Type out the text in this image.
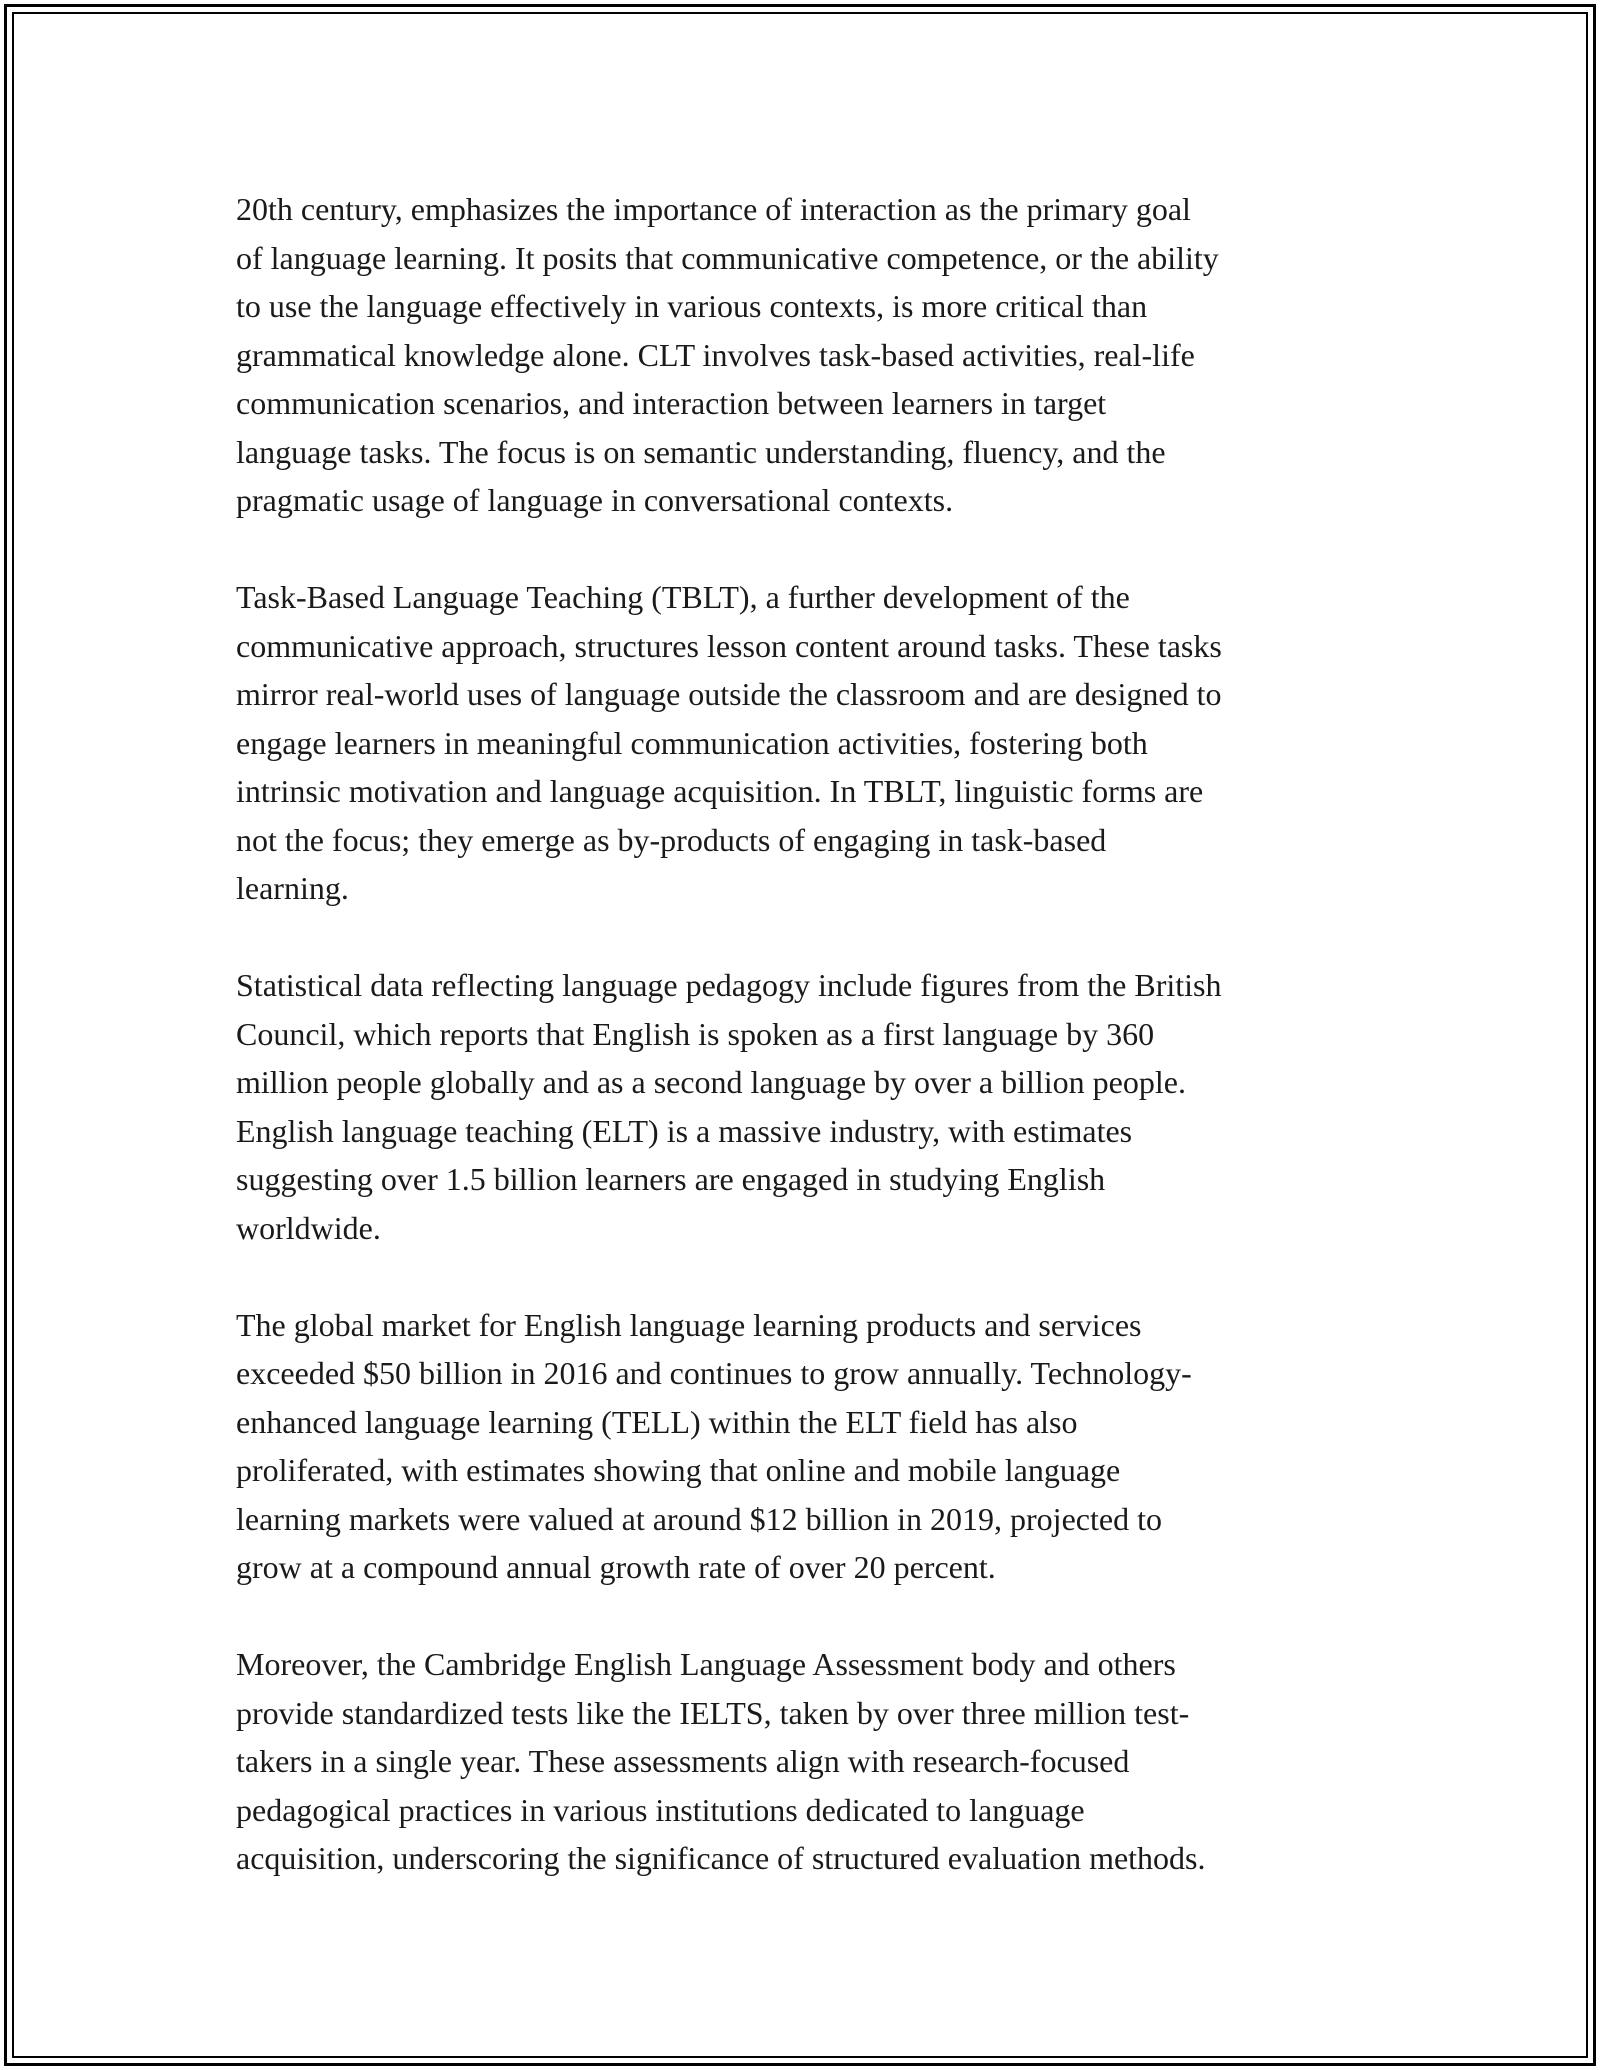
20th century, emphasizes the importance of interaction as the primary goal
of language learning. It posits that communicative competence, or the ability
to use the language effectively in various contexts, is more critical than
grammatical knowledge alone. CLT involves task-based activities, real-life
communication scenarios, and interaction between learners in target
language tasks. The focus is on semantic understanding, fluency, and the
pragmatic usage of language in conversational contexts.

Task-Based Language Teaching (TBLT), a further development of the
communicative approach, structures lesson content around tasks. These tasks
mirror real-world uses of language outside the classroom and are designed to
engage learners in meaningful communication activities, fostering both
intrinsic motivation and language acquisition. In TBLT, linguistic forms are
not the focus; they emerge as by-products of engaging in task-based
learning.

Statistical data reflecting language pedagogy include figures from the British
Council, which reports that English is spoken as a first language by 360
million people globally and as a second language by over a billion people.
English language teaching (ELT) is a massive industry, with estimates
suggesting over 1.5 billion learners are engaged in studying English
worldwide.

The global market for English language learning products and services
exceeded $50 billion in 2016 and continues to grow annually. Technology-
enhanced language learning (TELL) within the ELT field has also
proliferated, with estimates showing that online and mobile language
learning markets were valued at around $12 billion in 2019, projected to
grow at a compound annual growth rate of over 20 percent.

Moreover, the Cambridge English Language Assessment body and others
provide standardized tests like the IELTS, taken by over three million test-
takers in a single year. These assessments align with research-focused
pedagogical practices in various institutions dedicated to language
acquisition, underscoring the significance of structured evaluation methods.
